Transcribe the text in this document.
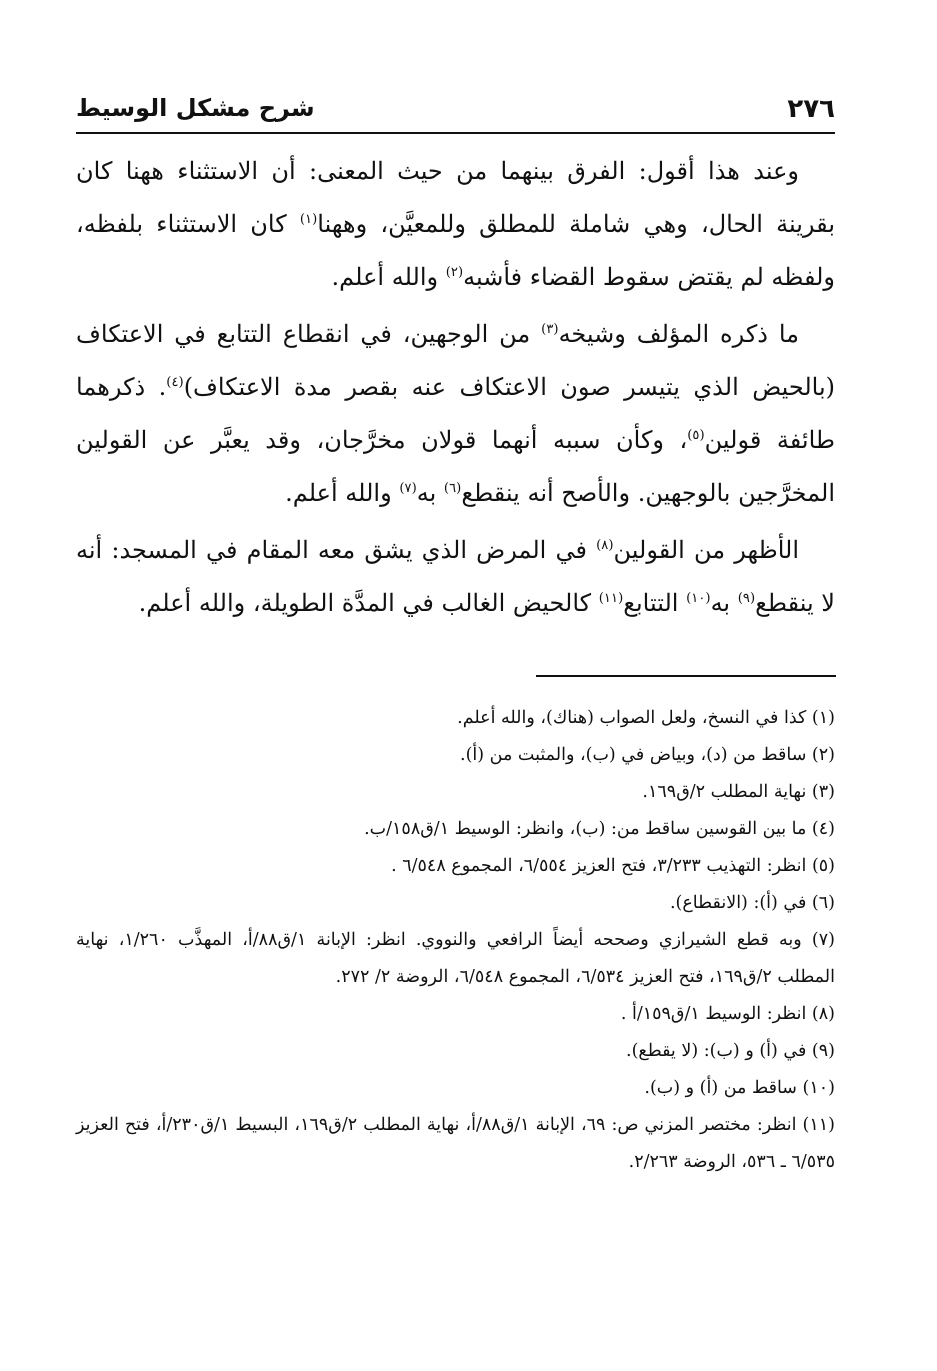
٢٧٦
شرح مشكل الوسيط

وعند هذا أقول: الفرق بينهما من حيث المعنى: أن الاستثناء ههنا كان بقرينة الحال، وهي شاملة للمطلق وللمعيَّن، وههنا$^{(١)}$ كان الاستثناء بلفظه، ولفظه لم يقتض سقوط القضاء فأشبه$^{(٢)}$ والله أعلم.

ما ذكره المؤلف وشيخه$^{(٣)}$ من الوجهين، في انقطاع التتابع في الاعتكاف (بالحيض الذي يتيسر صون الاعتكاف عنه بقصر مدة الاعتكاف)$^{(٤)}$. ذكرهما طائفة قولين$^{(٥)}$، وكأن سببه أنهما قولان مخرَّجان، وقد يعبَّر عن القولين المخرَّجين بالوجهين. والأصح أنه ينقطع$^{(٦)}$ به$^{(٧)}$ والله أعلم.

الأظهر من القولين$^{(٨)}$ في المرض الذي يشق معه المقام في المسجد: أنه لا ينقطع$^{(٩)}$ به$^{(١٠)}$ التتابع$^{(١١)}$ كالحيض الغالب في المدَّة الطويلة، والله أعلم.

(١) كذا في النسخ، ولعل الصواب (هناك)، والله أعلم.

(٢) ساقط من (د)، وبياض في (ب)، والمثبت من (أ).

(٣) نهاية المطلب ٢/ق١٦٩.

(٤) ما بين القوسين ساقط من: (ب)، وانظر: الوسيط ١/ق١٥٨/ب.

(٥) انظر: التهذيب ٣/٢٣٣، فتح العزيز ٦/٥٥٤، المجموع ٦/٥٤٨ .

(٦) في (أ): (الانقطاع).

(٧) وبه قطع الشيرازي وصححه أيضاً الرافعي والنووي. انظر: الإبانة ١/ق٨٨/أ، المهذَّب ١/٢٦٠، نهاية المطلب ٢/ق١٦٩، فتح العزيز ٦/٥٣٤، المجموع ٦/٥٤٨، الروضة ٢/ ٢٧٢.

(٨) انظر: الوسيط ١/ق١٥٩/أ .

(٩) في (أ) و (ب): (لا يقطع).

(١٠) ساقط من (أ) و (ب).

(١١) انظر: مختصر المزني ص: ٦٩، الإبانة ١/ق٨٨/أ، نهاية المطلب ٢/ق١٦٩، البسيط ١/ق٢٣٠/أ، فتح العزيز ٦/٥٣٥ ـ ٥٣٦، الروضة ٢/٢٦٣.
